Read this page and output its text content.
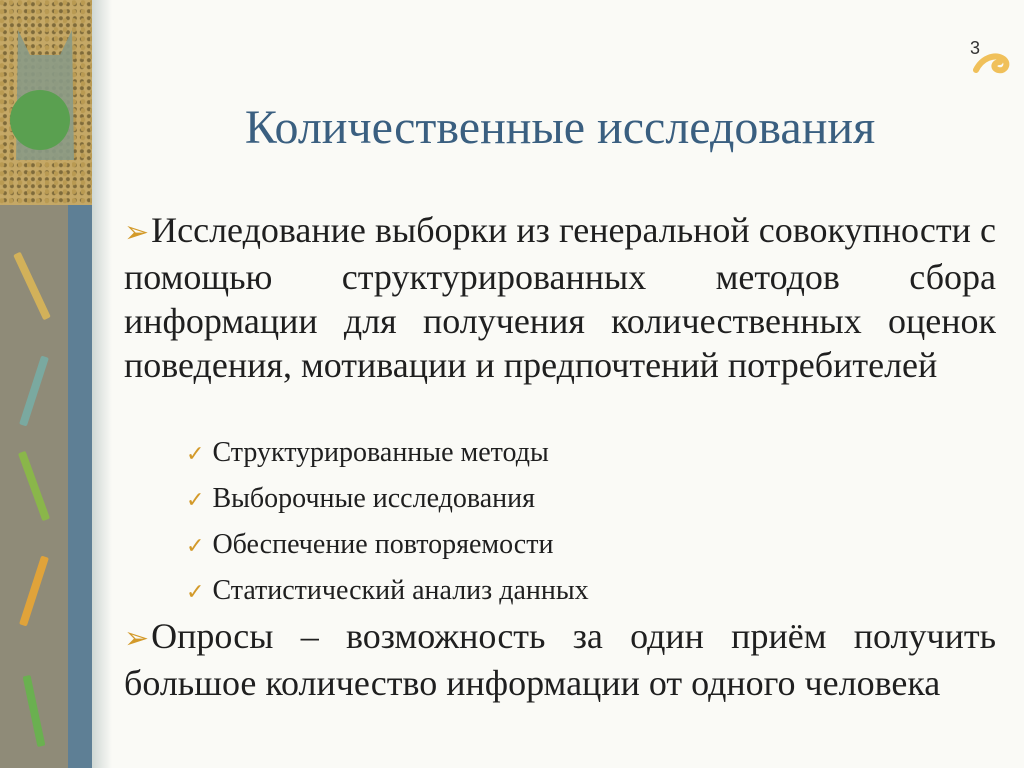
3
Количественные исследования
➢Исследование выборки из генеральной совокупности с помощью структурированных методов сбора информации для получения количественных оценок поведения, мотивации и предпочтений потребителей
✓ Структурированные методы
✓ Выборочные исследования
✓ Обеспечение повторяемости
✓ Статистический анализ данных
➢Опросы – возможность за один приём получить большое количество информации от одного человека
